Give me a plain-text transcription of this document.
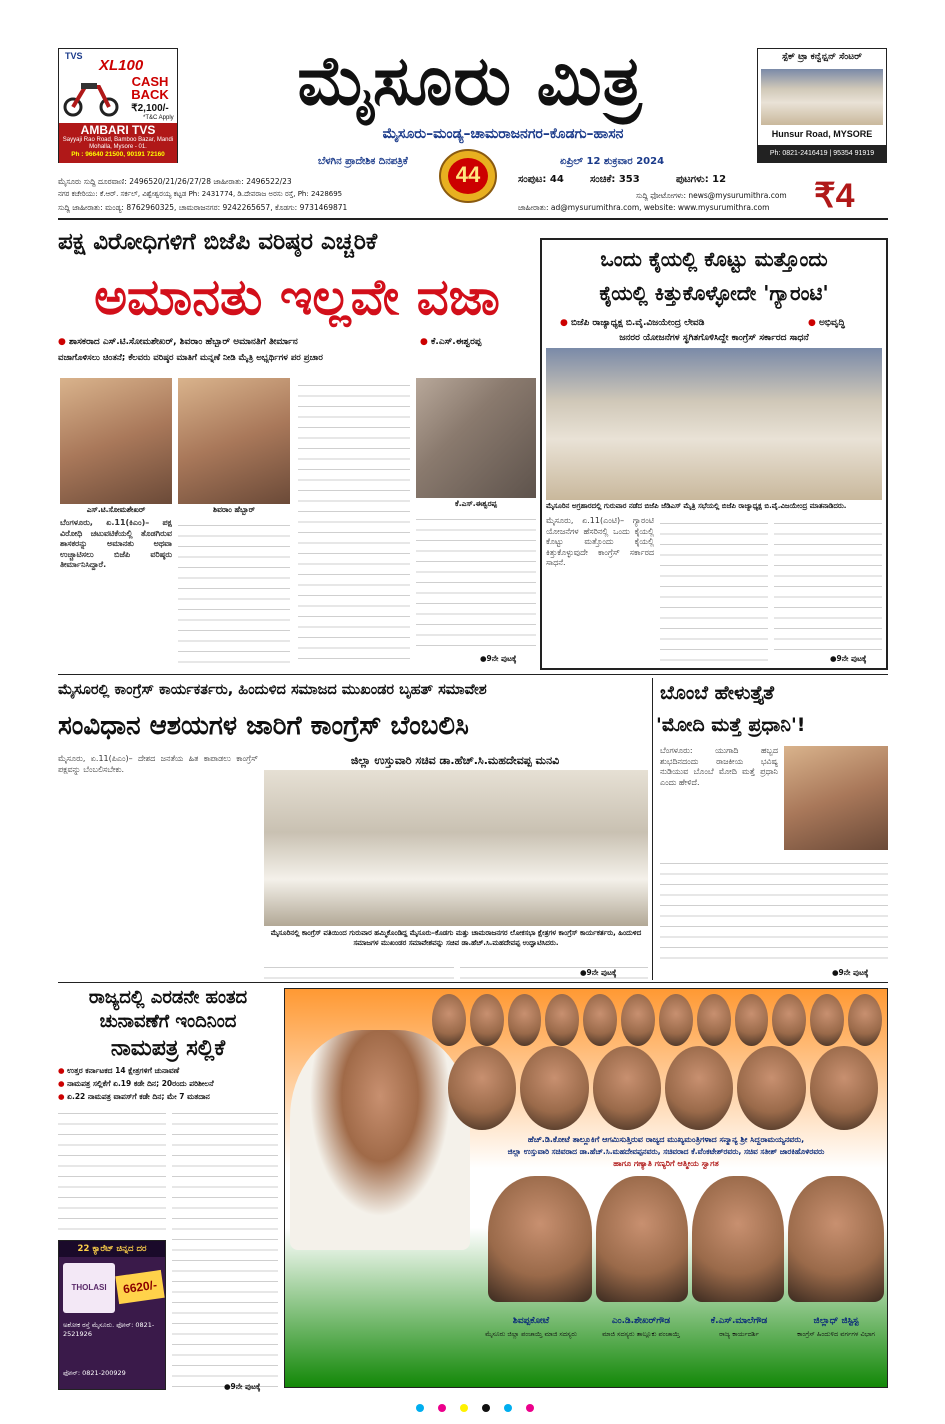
TVS
XL100
CASH BACK
₹2,100/-
*T&C Apply
AMBARI TVS
Sayyaji Rao Road, Bamboo Bazar, Mandi Mohalla, Mysore - 01.
Ph : 96640 21500, 90191 72160
ಮೈಸೂರು ಮಿತ್ರ
ಮೈಸೂರು–ಮಂಡ್ಯ–ಚಾಮರಾಜನಗರ–ಕೊಡಗು–ಹಾಸನ
ಸ್ಪೆಕ್ ಟ್ರಾ ಕನ್ವೆನ್ಷನ್ ಸೆಂಟರ್
Hunsur Road, MYSORE
Ph: 0821-2416419 | 95354 91919
ಬೆಳಗಿನ ಪ್ರಾದೇಶಿಕ ದಿನಪತ್ರಿಕೆ	ಏಪ್ರಿಲ್ 12 ಶುಕ್ರವಾರ 2024
44
ಮೈಸೂರು ಸುದ್ದಿ ದೂರವಾಣಿ: 2496520/21/26/27/28 ಜಾಹೀರಾತು: 2496522/23
ನಗರ ಕಚೇರಿಯು: ಕೆ.ಆರ್. ಸರ್ಕಲ್, ವಿಶ್ವೇಶ್ವರಯ್ಯ ಕಟ್ಟಡ Ph: 2431774, ಡಿ.ದೇವರಾಜ ಅರಸು ರಸ್ತೆ, Ph: 2428695
ಸುದ್ದಿ ಜಾಹೀರಾತು: ಮಂಡ್ಯ: 8762960325, ಚಾಮರಾಜನಗರ: 9242265657, ಕೊಡಗು: 9731469871
ಸಂಪುಟ: 44	ಸಂಚಿಕೆ: 353	ಪುಟಗಳು: 12
ಸುದ್ದಿ ಫೋಟೋಗಳು: news@mysurumithra.com
ಜಾಹೀರಾತು: ad@mysurumithra.com, website: www.mysurumithra.com	₹4
ಪಕ್ಷ ವಿರೋಧಿಗಳಿಗೆ ಬಿಜೆಪಿ ವರಿಷ್ಠರ ಎಚ್ಚರಿಕೆ
ಅಮಾನತು ಇಲ್ಲವೇ ವಜಾ
● ಶಾಸಕರಾದ ಎಸ್.ಟಿ.ಸೋಮಶೇಖರ್, ಶಿವರಾಂ ಹೆಬ್ಬಾರ್ ಅಮಾನತಿಗೆ ತೀರ್ಮಾನ	● ಕೆ.ಎಸ್.ಈಶ್ವರಪ್ಪ
ವಜಾಗೊಳಿಸಲು ಚಿಂತನೆ; ಕೆಲವರು ವರಿಷ್ಠರ ಮಾತಿಗೆ ಮನ್ನಣೆ ನೀಡಿ ಮೈತ್ರಿ ಅಭ್ಯರ್ಥಿಗಳ ಪರ ಪ್ರಚಾರ
ಎಸ್.ಟಿ.ಸೋಮಶೇಖರ್	ಶಿವರಾಂ ಹೆಬ್ಬಾರ್
ಬೆಂಗಳೂರು, ಏ.11(ಕಿಎಂ)– ಪಕ್ಷ ವಿರೋಧಿ ಚಟುವಟಿಕೆಯಲ್ಲಿ ತೊಡಗಿರುವ ಶಾಸಕರನ್ನು ಅಮಾನತು ಅಥವಾ ಉಚ್ಚಾಟಿಸಲು ಬಿಜೆಪಿ ವರಿಷ್ಠರು ತೀರ್ಮಾನಿಸಿದ್ದಾರೆ.
ಕೆ.ಎಸ್.ಈಶ್ವರಪ್ಪ
●9ನೇ ಪುಟಕ್ಕೆ
ಒಂದು ಕೈಯಲ್ಲಿ ಕೊಟ್ಟು ಮತ್ತೊಂದು
ಕೈಯಲ್ಲಿ ಕಿತ್ತುಕೊಳ್ಳೋದೇ 'ಗ್ಯಾರಂಟಿ'
● ಬಿಜೆಪಿ ರಾಜ್ಯಾಧ್ಯಕ್ಷ ಬಿ.ವೈ.ವಿಜಯೇಂದ್ರ ಲೇವಡಿ	● ಅಭಿವೃದ್ಧಿ
ಜನರರ ಯೋಜನೆಗಳ ಸ್ಥಗಿತಗೊಳಿಸಿದ್ದೇ ಕಾಂಗ್ರೆಸ್ ಸರ್ಕಾರದ ಸಾಧನೆ
ಮೈಸೂರಿನ ಅಗ್ರಹಾರದಲ್ಲಿ ಗುರುವಾರ ನಡೆದ ಬಿಜೆಪಿ ಜೆಡಿಎಸ್ ಮೈತ್ರಿ ಸಭೆಯಲ್ಲಿ ಬಿಜೆಪಿ ರಾಜ್ಯಾಧ್ಯಕ್ಷ ಬಿ.ವೈ.ವಿಜಯೇಂದ್ರ ಮಾತನಾಡಿದರು.
ಮೈಸೂರು, ಏ.11(ಎಂಟಿ)– ಗ್ಯಾರಂಟಿ ಯೋಜನೆಗಳ ಹೆಸರಿನಲ್ಲಿ ಒಂದು ಕೈಯಲ್ಲಿ ಕೊಟ್ಟು ಮತ್ತೊಂದು ಕೈಯಲ್ಲಿ ಕಿತ್ತುಕೊಳ್ಳುವುದೇ ಕಾಂಗ್ರೆಸ್ ಸರ್ಕಾರದ ಸಾಧನೆ.
●9ನೇ ಪುಟಕ್ಕೆ
ಮೈಸೂರಲ್ಲಿ ಕಾಂಗ್ರೆಸ್ ಕಾರ್ಯಕರ್ತರು, ಹಿಂದುಳಿದ ಸಮಾಜದ ಮುಖಂಡರ ಬೃಹತ್ ಸಮಾವೇಶ
ಸಂವಿಧಾನ ಆಶಯಗಳ ಜಾರಿಗೆ ಕಾಂಗ್ರೆಸ್ ಬೆಂಬಲಿಸಿ
ಜಿಲ್ಲಾ ಉಸ್ತುವಾರಿ ಸಚಿವ ಡಾ.ಹೆಚ್.ಸಿ.ಮಹದೇವಪ್ಪ ಮನವಿ
ಮೈಸೂರು, ಏ.11(ಪಿಎಂ)– ದೇಶದ ಜನತೆಯ ಹಿತ ಕಾಪಾಡಲು ಕಾಂಗ್ರೆಸ್ ಪಕ್ಷವನ್ನು ಬೆಂಬಲಿಸಬೇಕು.
ಮೈಸೂರಿನಲ್ಲಿ ಕಾಂಗ್ರೆಸ್ ವತಿಯಿಂದ ಗುರುವಾರ ಹಮ್ಮಿಕೊಂಡಿದ್ದ ಮೈಸೂರು–ಕೊಡಗು ಮತ್ತು ಚಾಮರಾಜನಗರ ಲೋಕಸಭಾ ಕ್ಷೇತ್ರಗಳ ಕಾಂಗ್ರೆಸ್ ಕಾರ್ಯಕರ್ತರು, ಹಿಂದುಳಿದ ಸಮಾಜಗಳ ಮುಖಂಡರ ಸಮಾವೇಶವನ್ನು ಸಚಿವ ಡಾ.ಹೆಚ್.ಸಿ.ಮಹದೇವಪ್ಪ ಉದ್ಘಾಟಿಸಿದರು.
●9ನೇ ಪುಟಕ್ಕೆ
ಬೊಂಬೆ ಹೇಳುತ್ತೈತೆ
'ಮೋದಿ ಮತ್ತೆ ಪ್ರಧಾನಿ'!
ಬೆಂಗಳೂರು: ಯುಗಾದಿ ಹಬ್ಬದ ಶುಭದಿನದಂದು ರಾಜಕೀಯ ಭವಿಷ್ಯ ನುಡಿಯುವ ಬೊಂಬೆ ಮೋದಿ ಮತ್ತೆ ಪ್ರಧಾನಿ ಎಂದು ಹೇಳಿದೆ.
●9ನೇ ಪುಟಕ್ಕೆ
ರಾಜ್ಯದಲ್ಲಿ ಎರಡನೇ ಹಂತದ
ಚುನಾವಣೆಗೆ ಇಂದಿನಿಂದ
ನಾಮಪತ್ರ ಸಲ್ಲಿಕೆ
● ಉತ್ತರ ಕರ್ನಾಟಕದ 14 ಕ್ಷೇತ್ರಗಳಿಗೆ ಚುನಾವಣೆ
● ನಾಮಪತ್ರ ಸಲ್ಲಿಕೆಗೆ ಏ.19 ಕಡೇ ದಿನ; 20ರಂದು ಪರಿಶೀಲನೆ
● ಏ.22 ನಾಮಪತ್ರ ವಾಪಸ್‌ಗೆ ಕಡೇ ದಿನ; ಮೇ 7 ಮತದಾನ
●9ನೇ ಪುಟಕ್ಕೆ
22 ಕ್ಯಾರೆಟ್ ಚಿನ್ನದ ದರ
THOLASI	6620/-
ಅಶೋಕ ರಸ್ತೆ ಮೈಸೂರು. ಫೋನ್: 0821-2521926
ಫೋನ್: 0821-200929
ಹೆಚ್.ಡಿ.ಕೋಟೆ ತಾಲ್ಲೂಕಿಗೆ ಆಗಮಿಸುತ್ತಿರುವ ರಾಜ್ಯದ ಮುಖ್ಯಮಂತ್ರಿಗಳಾದ ಸನ್ಮಾನ್ಯ ಶ್ರೀ ಸಿದ್ದರಾಮಯ್ಯನವರು,
ಜಿಲ್ಲಾ ಉಸ್ತುವಾರಿ ಸಚಿವರಾದ ಡಾ.ಹೆಚ್.ಸಿ.ಮಹದೇವಪ್ಪನವರು, ಸಚಿವರಾದ ಕೆ.ವೆಂಕಟೇಶ್‌ರವರು, ಸಚಿವ ಸತೀಶ್ ಜಾರಕಿಹೊಳಿರವರು
ಹಾಗೂ ಗಣ್ಯಾತಿ ಗಣ್ಯರಿಗೆ ಆತ್ಮೀಯ ಸ್ವಾಗತ
ಶಿವಪ್ಪಕೋಟೆ
ಮೈಸೂರು ಜಿಲ್ಲಾ ಪಂಚಾಯ್ತಿ ಮಾಜಿ ಸದಸ್ಯರು
ಎಂ.ಡಿ.ಶೇಖರ್‌ಗೌಡ
ಮಾಜಿ ಸದಸ್ಯರು ತಾಲ್ಲೂಕು ಪಂಚಾಯ್ತಿ
ಕೆ.ಎಸ್.ಮಾಲೆಗೌಡ
ರಾಜ್ಯ ಕಾರ್ಯದರ್ಶಿ
ಜಿಲ್ಲಾಧ್ ಜಿಸ್ಟಿಸ್ಟ
ಕಾಂಗ್ರೆಸ್ ಹಿಂದುಳಿದ ವರ್ಗಗಳ ವಿಭಾಗ
